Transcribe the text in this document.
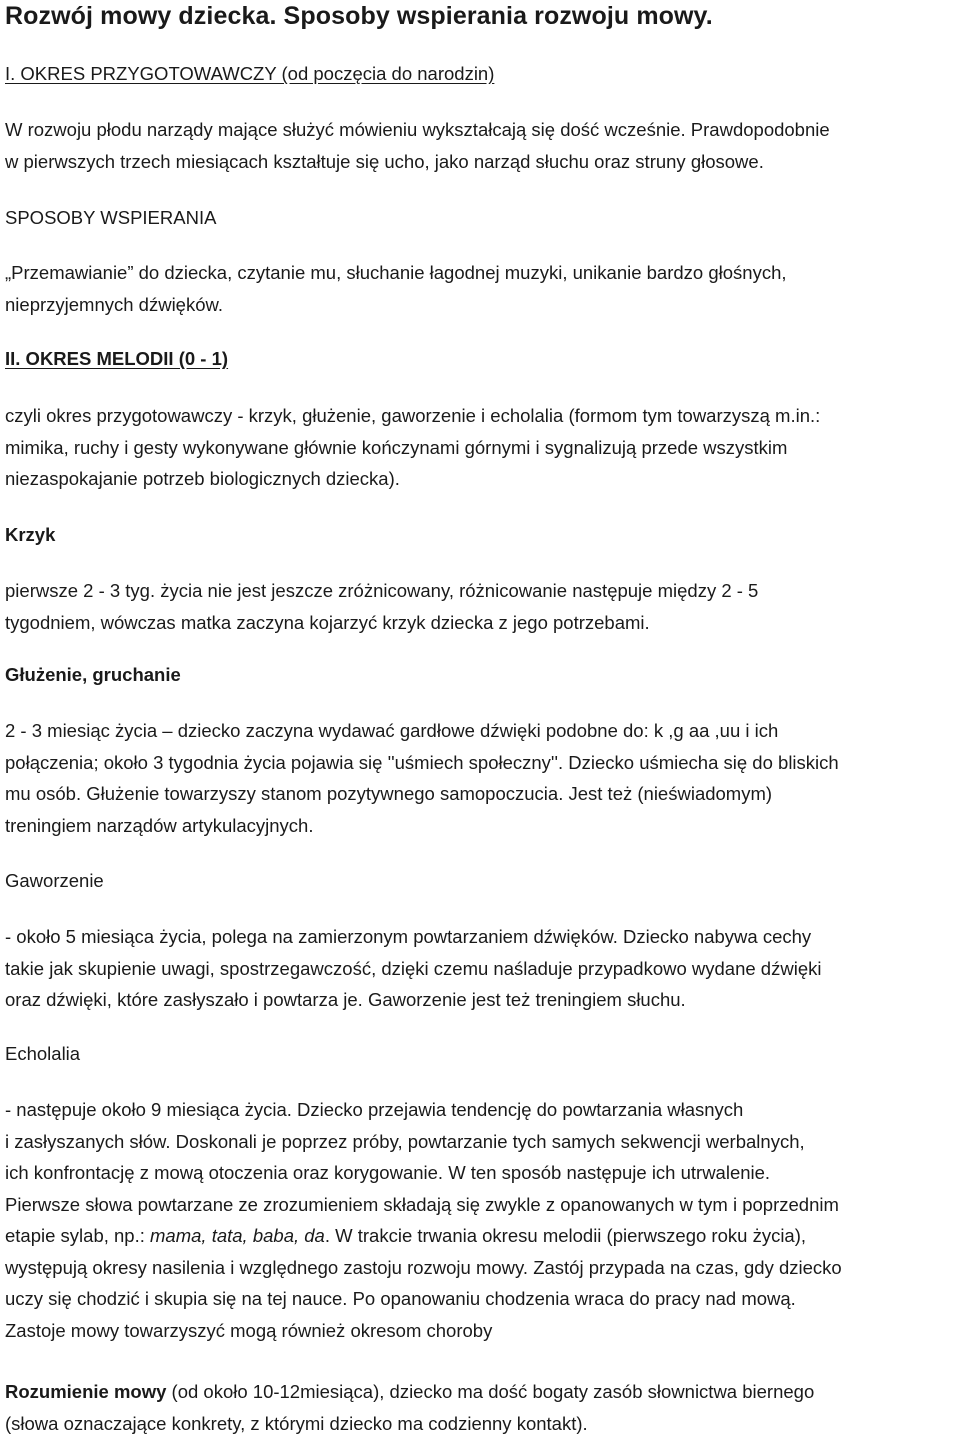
Rozwój mowy dziecka. Sposoby wspierania rozwoju mowy.
I. OKRES PRZYGOTOWAWCZY (od poczęcia do narodzin)
W rozwoju płodu narządy mające służyć mówieniu wykształcają się dość wcześnie. Prawdopodobnie
w pierwszych trzech miesiącach kształtuje się ucho, jako narząd słuchu oraz struny głosowe.
SPOSOBY WSPIERANIA
„Przemawianie” do dziecka, czytanie mu, słuchanie łagodnej muzyki, unikanie bardzo głośnych,
nieprzyjemnych dźwięków.
II. OKRES MELODII (0 - 1)
czyli okres przygotowawczy - krzyk, głużenie, gaworzenie i echolalia (formom tym towarzyszą m.in.:
mimika, ruchy i gesty wykonywane głównie kończynami górnymi i sygnalizują przede wszystkim
niezaspokajanie potrzeb biologicznych dziecka).
Krzyk
pierwsze 2 - 3 tyg. życia nie jest jeszcze zróżnicowany, różnicowanie następuje między 2 - 5
tygodniem, wówczas matka zaczyna kojarzyć krzyk dziecka z jego potrzebami.
Głużenie, gruchanie
2 - 3 miesiąc życia – dziecko zaczyna wydawać gardłowe dźwięki podobne do: k ,g aa ,uu i ich
połączenia; około 3 tygodnia życia pojawia się ''uśmiech społeczny''. Dziecko uśmiecha się do bliskich
mu osób. Głużenie towarzyszy stanom pozytywnego samopoczucia. Jest też (nieświadomym)
treningiem narządów artykulacyjnych.
Gaworzenie
- około 5 miesiąca życia, polega na zamierzonym powtarzaniem dźwięków. Dziecko nabywa cechy
takie jak skupienie uwagi, spostrzegawczość, dzięki czemu naśladuje przypadkowo wydane dźwięki
oraz dźwięki, które zasłyszało i powtarza je. Gaworzenie jest też treningiem słuchu.
Echolalia
- następuje około 9 miesiąca życia. Dziecko przejawia tendencję do powtarzania własnych
i zasłyszanych słów. Doskonali je poprzez próby, powtarzanie tych samych sekwencji werbalnych,
ich konfrontację z mową otoczenia oraz korygowanie. W ten sposób następuje ich utrwalenie.
Pierwsze słowa powtarzane ze zrozumieniem składają się zwykle z opanowanych w tym i poprzednim
etapie sylab, np.: mama, tata, baba, da. W trakcie trwania okresu melodii (pierwszego roku życia),
występują okresy nasilenia i względnego zastoju rozwoju mowy. Zastój przypada na czas, gdy dziecko
uczy się chodzić i skupia się na tej nauce. Po opanowaniu chodzenia wraca do pracy nad mową.
Zastoje mowy towarzyszyć mogą również okresom choroby
Rozumienie mowy (od około 10-12miesiąca), dziecko ma dość bogaty zasób słownictwa biernego
(słowa oznaczające konkrety, z którymi dziecko ma codzienny kontakt).
